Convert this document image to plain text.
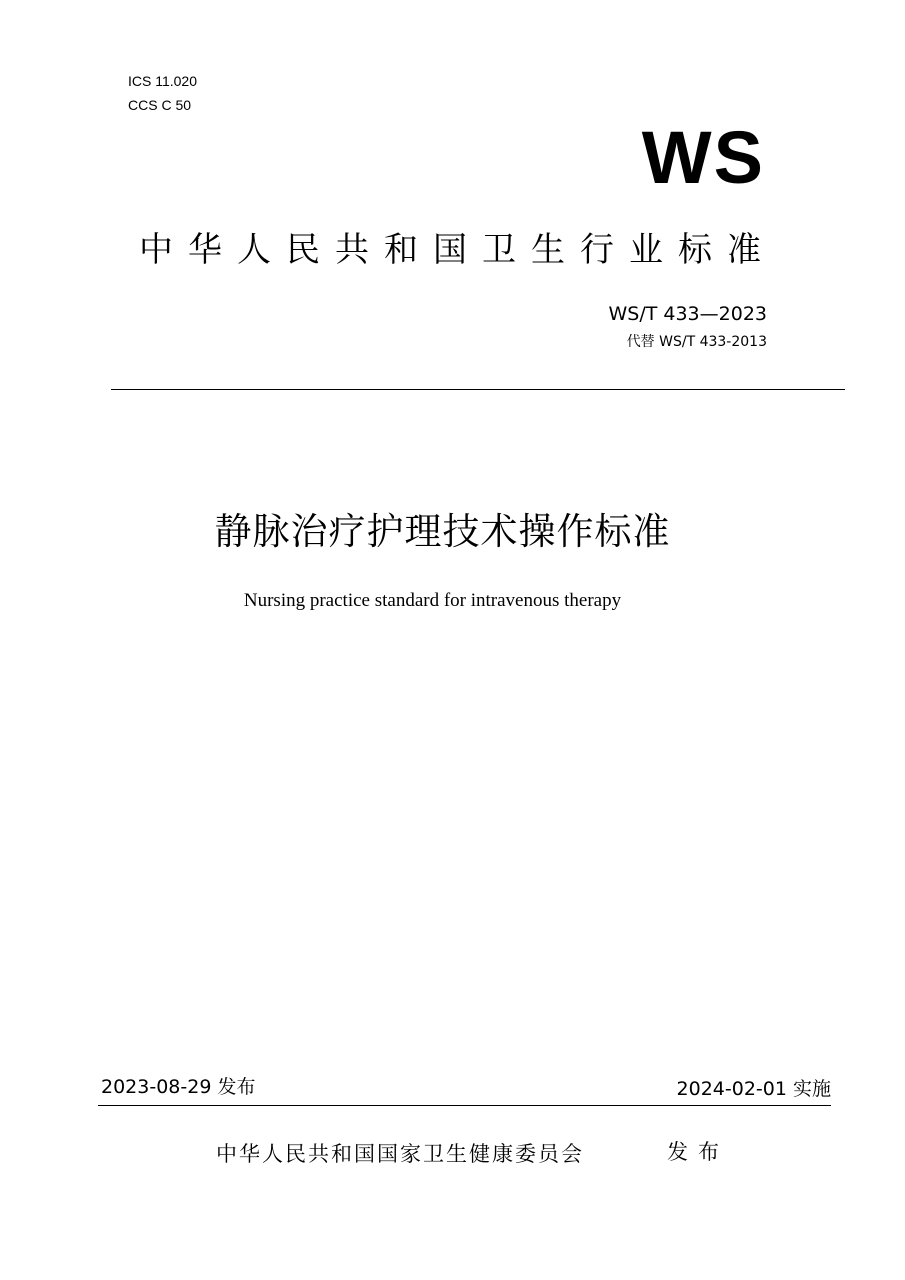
ICS 11.020
CCS C 50
WS
中华人民共和国卫生行业标准
WS/T 433—2023
代替 WS/T 433-2013
静脉治疗护理技术操作标准
Nursing practice standard for intravenous therapy
2023-08-29 发布	2024-02-01 实施
中华人民共和国国家卫生健康委员会	发布
